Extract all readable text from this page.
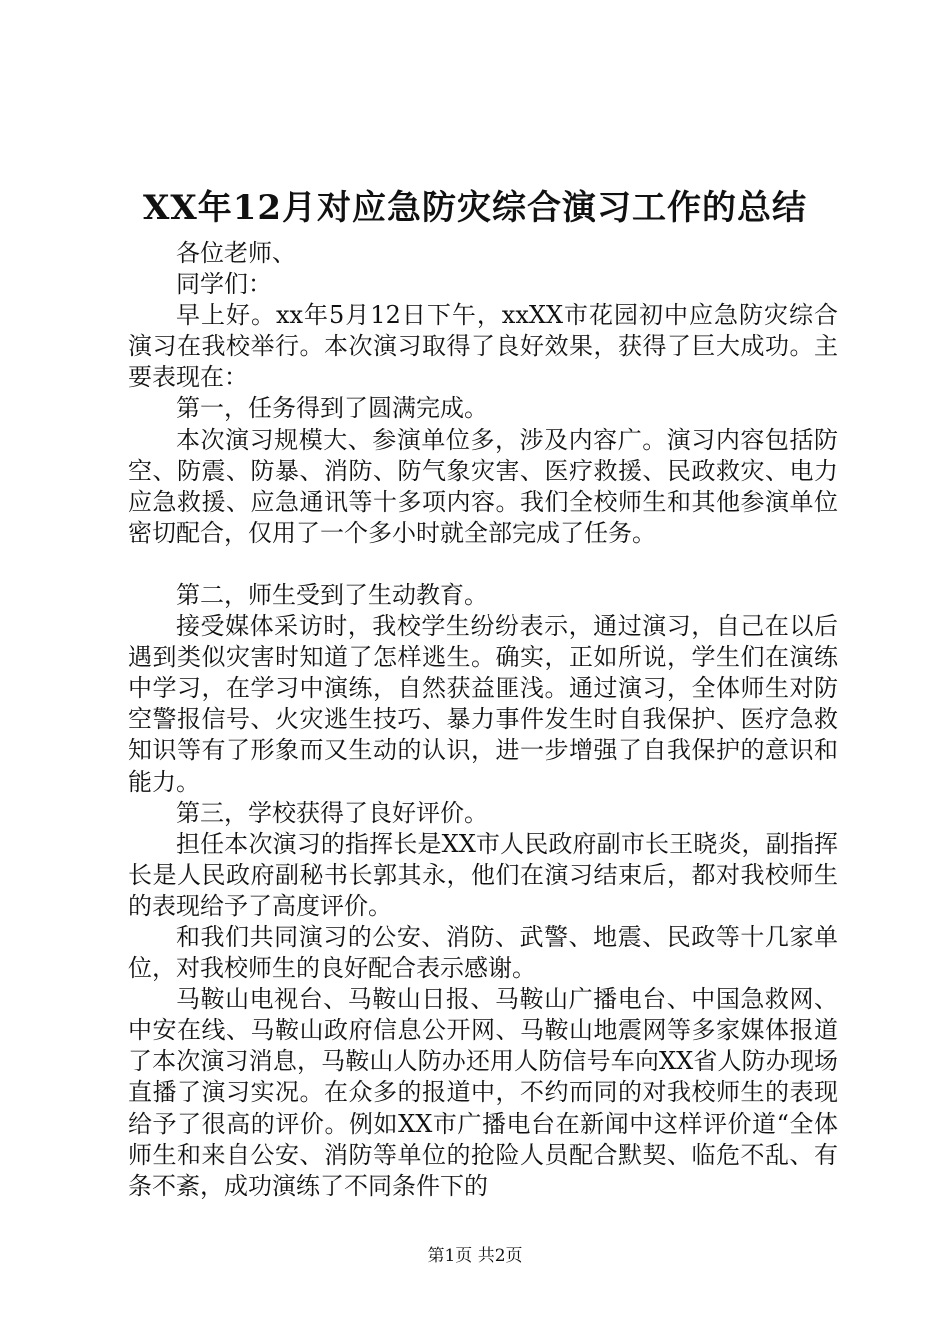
XX年12月对应急防灾综合演习工作的总结

各位老师、

同学们：

早上好。xx年5月12日下午，xxXX市花园初中应急防灾综合演习在我校举行。本次演习取得了良好效果，获得了巨大成功。主要表现在：

第一，任务得到了圆满完成。

本次演习规模大、参演单位多，涉及内容广。演习内容包括防空、防震、防暴、消防、防气象灾害、医疗救援、民政救灾、电力应急救援、应急通讯等十多项内容。我们全校师生和其他参演单位密切配合，仅用了一个多小时就全部完成了任务。

第二，师生受到了生动教育。

接受媒体采访时，我校学生纷纷表示，通过演习，自己在以后遇到类似灾害时知道了怎样逃生。确实，正如所说，学生们在演练中学习，在学习中演练，自然获益匪浅。通过演习，全体师生对防空警报信号、火灾逃生技巧、暴力事件发生时自我保护、医疗急救知识等有了形象而又生动的认识，进一步增强了自我保护的意识和能力。

第三，学校获得了良好评价。

担任本次演习的指挥长是XX市人民政府副市长王晓炎，副指挥长是人民政府副秘书长郭其永，他们在演习结束后，都对我校师生的表现给予了高度评价。

和我们共同演习的公安、消防、武警、地震、民政等十几家单位，对我校师生的良好配合表示感谢。

马鞍山电视台、马鞍山日报、马鞍山广播电台、中国急救网、中安在线、马鞍山政府信息公开网、马鞍山地震网等多家媒体报道了本次演习消息，马鞍山人防办还用人防信号车向XX省人防办现场直播了演习实况。在众多的报道中，不约而同的对我校师生的表现给予了很高的评价。例如XX市广播电台在新闻中这样评价道“全体师生和来自公安、消防等单位的抢险人员配合默契、临危不乱、有条不紊，成功演练了不同条件下的

第1页 共2页
